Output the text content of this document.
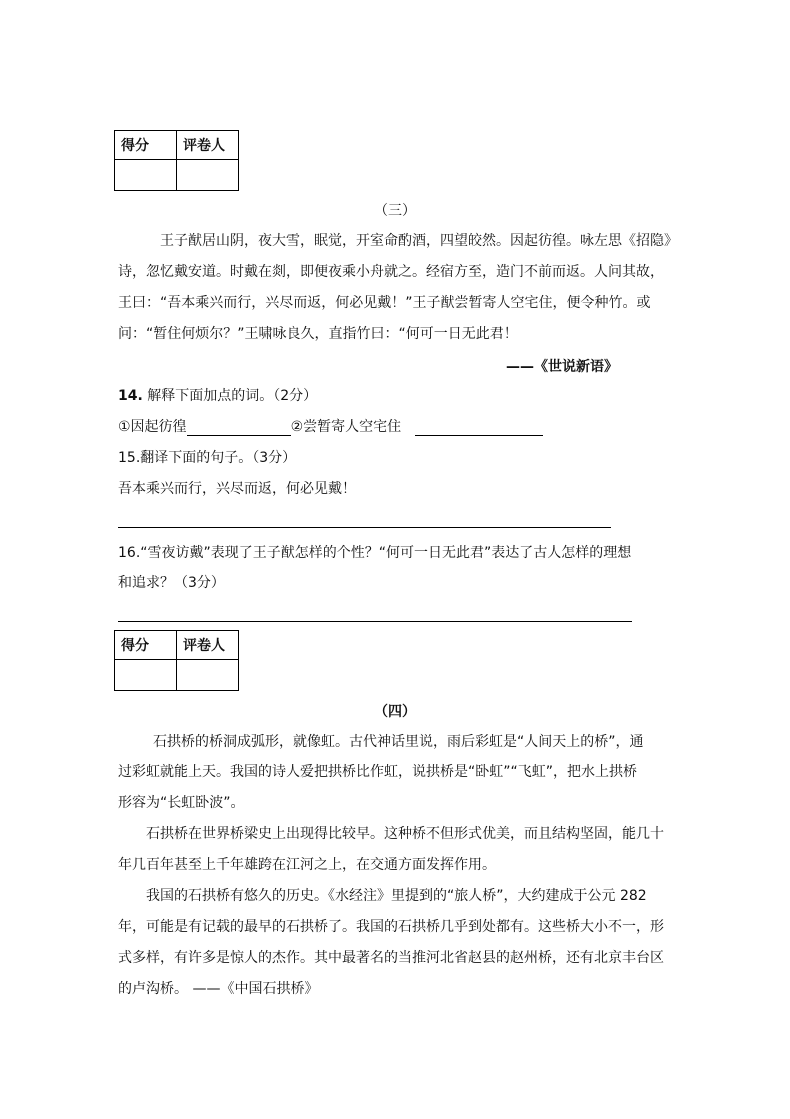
得分	评卷人

（三）
王子猷居山阴，夜大雪，眠觉，开室命酌酒，四望皎然。因起彷徨。咏左思《招隐》
诗，忽忆戴安道。时戴在剡，即便夜乘小舟就之。经宿方至，造门不前而返。人问其故，
王曰：“吾本乘兴而行，兴尽而返，何必见戴！”王子猷尝暂寄人空宅住，便令种竹。或
问：“暂住何烦尔？”王啸咏良久，直指竹曰：“何可一日无此君！
——《世说新语》
14. 解释下面加点的词。（2分）
①因起彷徨	②尝暂寄人空宅住
15.翻译下面的句子。（3分）
吾本乘兴而行，兴尽而返，何必见戴！
16.“雪夜访戴”表现了王子猷怎样的个性？“何可一日无此君”表达了古人怎样的理想
和追求？（3分）
得分	评卷人

（四）
石拱桥的桥洞成弧形，就像虹。古代神话里说，雨后彩虹是“人间天上的桥”，通
过彩虹就能上天。我国的诗人爱把拱桥比作虹，说拱桥是“卧虹”“飞虹”，把水上拱桥
形容为“长虹卧波”。
石拱桥在世界桥梁史上出现得比较早。这种桥不但形式优美，而且结构坚固，能几十
年几百年甚至上千年雄跨在江河之上，在交通方面发挥作用。
我国的石拱桥有悠久的历史。《水经注》里提到的“旅人桥”，大约建成于公元 282
年，可能是有记载的最早的石拱桥了。我国的石拱桥几乎到处都有。这些桥大小不一，形
式多样，有许多是惊人的杰作。其中最著名的当推河北省赵县的赵州桥，还有北京丰台区
的卢沟桥。 ——《中国石拱桥》
